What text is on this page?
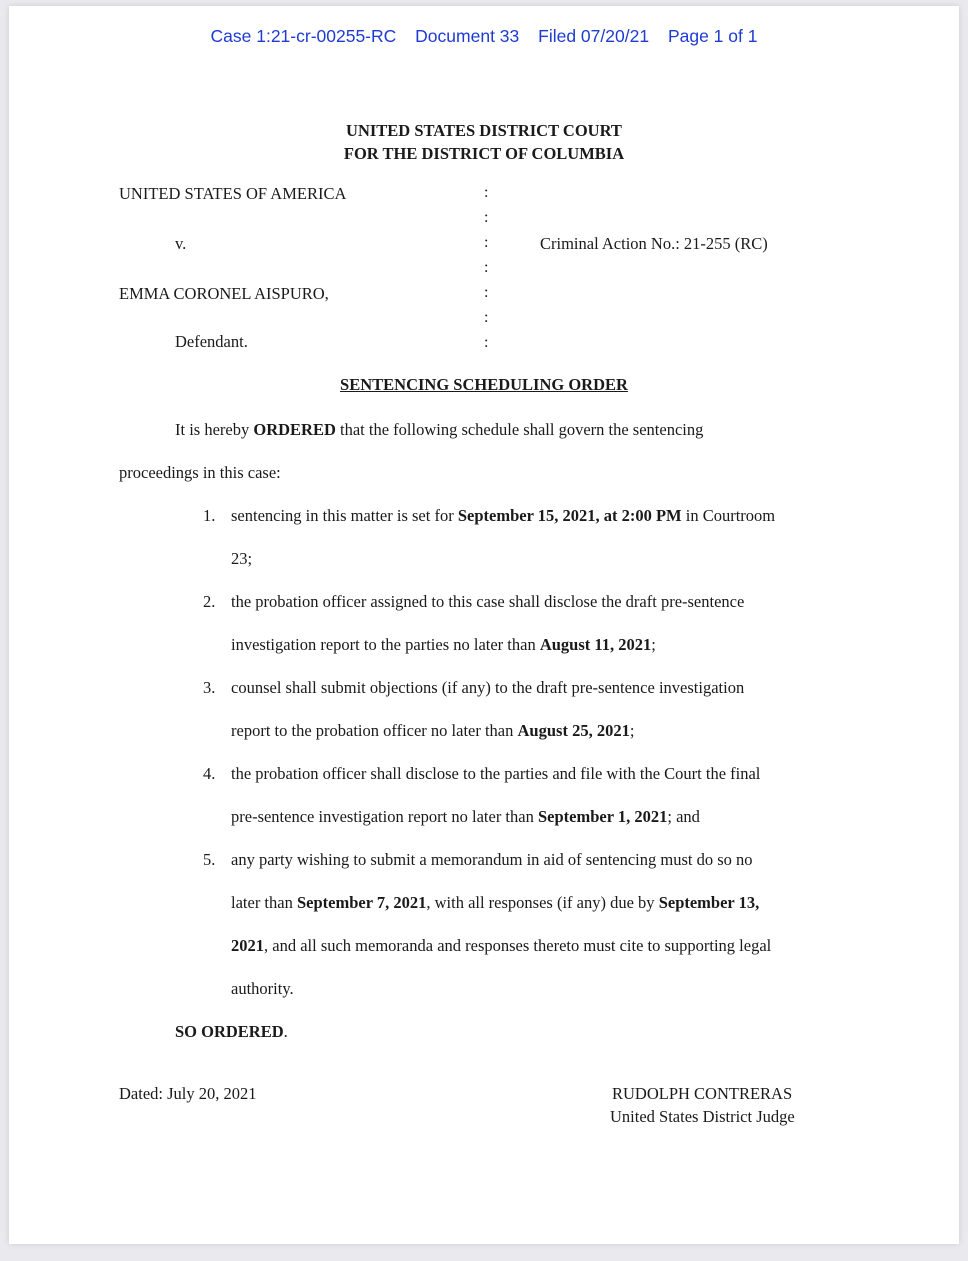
Case 1:21-cr-00255-RC Document 33 Filed 07/20/21 Page 1 of 1
UNITED STATES DISTRICT COURT
FOR THE DISTRICT OF COLUMBIA
UNITED STATES OF AMERICA
v.
EMMA CORONEL AISPURO,
Defendant.
Criminal Action No.: 21-255 (RC)
:
:
:
:
:
:
:
SENTENCING SCHEDULING ORDER
It is hereby ORDERED that the following schedule shall govern the sentencing
proceedings in this case:
1. sentencing in this matter is set for September 15, 2021, at 2:00 PM in Courtroom
23;
2. the probation officer assigned to this case shall disclose the draft pre-sentence
investigation report to the parties no later than August 11, 2021;
3. counsel shall submit objections (if any) to the draft pre-sentence investigation
report to the probation officer no later than August 25, 2021;
4. the probation officer shall disclose to the parties and file with the Court the final
pre-sentence investigation report no later than September 1, 2021; and
5. any party wishing to submit a memorandum in aid of sentencing must do so no
later than September 7, 2021, with all responses (if any) due by September 13,
2021, and all such memoranda and responses thereto must cite to supporting legal
authority.
SO ORDERED.
Dated: July 20, 2021	RUDOLPH CONTRERAS
United States District Judge
